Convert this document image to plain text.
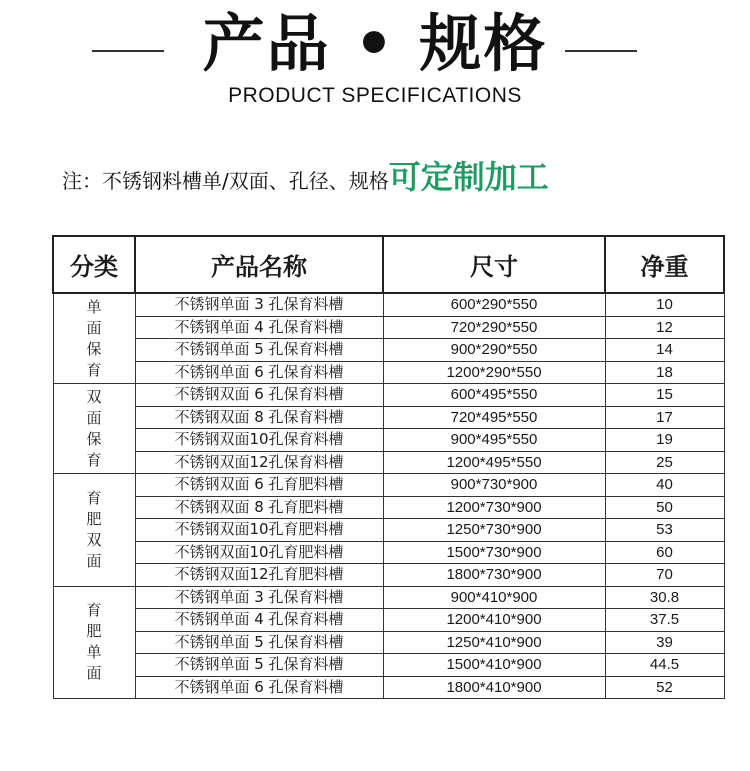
产品 • 规格
PRODUCT SPECIFICATIONS
注：不锈钢料槽单/双面、孔径、规格可定制加工
分类	产品名称	尺寸	净重

单面保育	不锈钢单面 3 孔保育料槽	600*290*550	10
	不锈钢单面 4 孔保育料槽	720*290*550	12
	不锈钢单面 5 孔保育料槽	900*290*550	14
	不锈钢单面 6 孔保育料槽	1200*290*550	18

双面保育	不锈钢双面 6 孔保育料槽	600*495*550	15
	不锈钢双面 8 孔保育料槽	720*495*550	17
	不锈钢双面10孔保育料槽	900*495*550	19
	不锈钢双面12孔保育料槽	1200*495*550	25

育肥双面	不锈钢双面 6 孔育肥料槽	900*730*900	40
	不锈钢双面 8 孔育肥料槽	1200*730*900	50
	不锈钢双面10孔育肥料槽	1250*730*900	53
	不锈钢双面10孔育肥料槽	1500*730*900	60
	不锈钢双面12孔育肥料槽	1800*730*900	70

育肥单面	不锈钢单面 3 孔保育料槽	900*410*900	30.8
	不锈钢单面 4 孔保育料槽	1200*410*900	37.5
	不锈钢单面 5 孔保育料槽	1250*410*900	39
	不锈钢单面 5 孔保育料槽	1500*410*900	44.5
	不锈钢单面 6 孔保育料槽	1800*410*900	52
